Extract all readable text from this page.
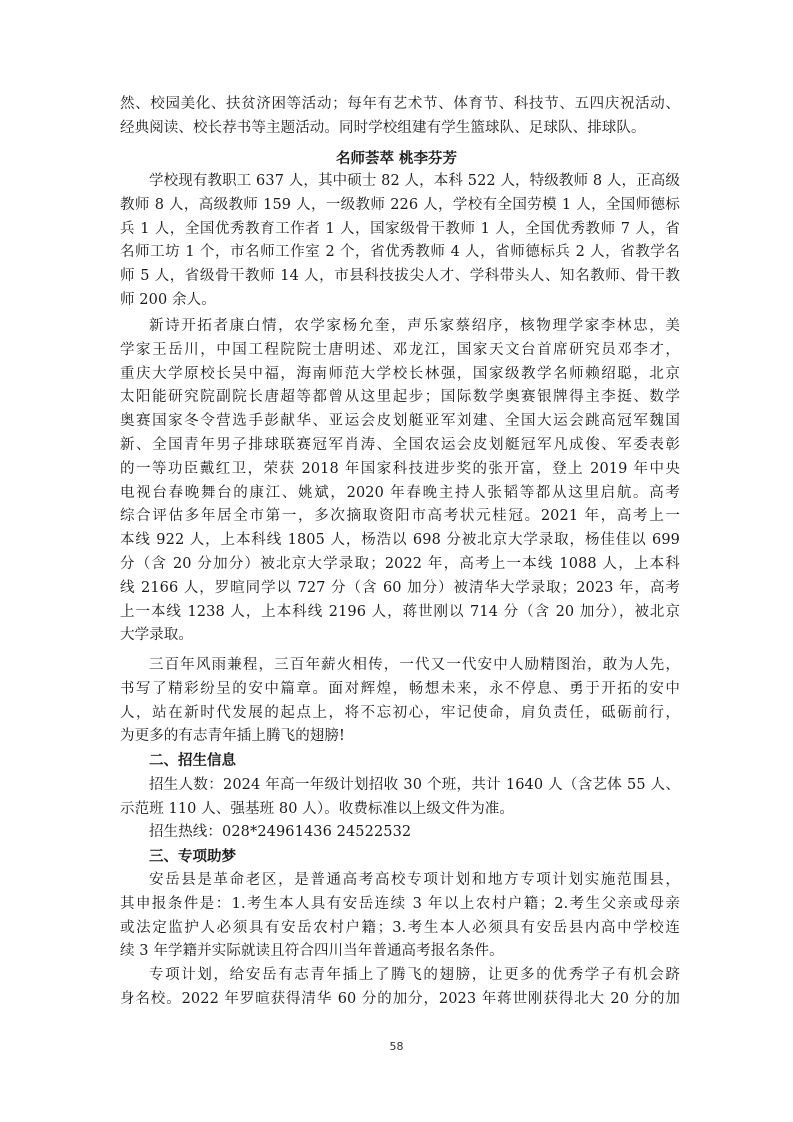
然、校园美化、扶贫济困等活动；每年有艺术节、体育节、科技节、五四庆祝活动、
经典阅读、校长荐书等主题活动。同时学校组建有学生篮球队、足球队、排球队。
名师荟萃 桃李芬芳
学校现有教职工 637 人，其中硕士 82 人，本科 522 人，特级教师 8 人，正高级
教师 8 人，高级教师 159 人，一级教师 226 人，学校有全国劳模 1 人，全国师德标
兵 1 人，全国优秀教育工作者 1 人，国家级骨干教师 1 人，全国优秀教师 7 人，省
名师工坊 1 个，市名师工作室 2 个，省优秀教师 4 人，省师德标兵 2 人，省教学名
师 5 人，省级骨干教师 14 人，市县科技拔尖人才、学科带头人、知名教师、骨干教
师 200 余人。
新诗开拓者康白情，农学家杨允奎，声乐家蔡绍序，核物理学家李林忠，美
学家王岳川，中国工程院院士唐明述、邓龙江，国家天文台首席研究员邓李才，
重庆大学原校长吴中福，海南师范大学校长林强，国家级教学名师赖绍聪，北京
太阳能研究院副院长唐超等都曾从这里起步；国际数学奥赛银牌得主李挺、数学
奥赛国家冬令营选手彭献华、亚运会皮划艇亚军刘建、全国大运会跳高冠军魏国
新、全国青年男子排球联赛冠军肖涛、全国农运会皮划艇冠军凡成俊、军委表彰
的一等功臣戴红卫，荣获 2018 年国家科技进步奖的张开富，登上 2019 年中央
电视台春晚舞台的康江、姚斌，2020 年春晚主持人张韬等都从这里启航。高考
综合评估多年居全市第一，多次摘取资阳市高考状元桂冠。2021 年，高考上一
本线 922 人，上本科线 1805 人，杨浩以 698 分被北京大学录取，杨佳佳以 699
分（含 20 分加分）被北京大学录取；2022 年，高考上一本线 1088 人，上本科
线 2166 人，罗暄同学以 727 分（含 60 加分）被清华大学录取；2023 年，高考
上一本线 1238 人，上本科线 2196 人，蒋世刚以 714 分（含 20 加分），被北京
大学录取。
三百年风雨兼程，三百年薪火相传，一代又一代安中人励精图治，敢为人先，
书写了精彩纷呈的安中篇章。面对辉煌，畅想未来，永不停息、勇于开拓的安中
人，站在新时代发展的起点上，将不忘初心，牢记使命，肩负责任，砥砺前行，
为更多的有志青年插上腾飞的翅膀!
二、招生信息
招生人数：2024 年高一年级计划招收 30 个班，共计 1640 人（含艺体 55 人、
示范班 110 人、强基班 80 人）。收费标准以上级文件为准。
招生热线：028*24961436 24522532
三、专项助梦
安岳县是革命老区，是普通高考高校专项计划和地方专项计划实施范围县，
其申报条件是：1.考生本人具有安岳连续 3 年以上农村户籍；2.考生父亲或母亲
或法定监护人必须具有安岳农村户籍；3.考生本人必须具有安岳县内高中学校连
续 3 年学籍并实际就读且符合四川当年普通高考报名条件。
专项计划，给安岳有志青年插上了腾飞的翅膀，让更多的优秀学子有机会跻
身名校。2022 年罗暄获得清华 60 分的加分，2023 年蒋世刚获得北大 20 分的加
58
